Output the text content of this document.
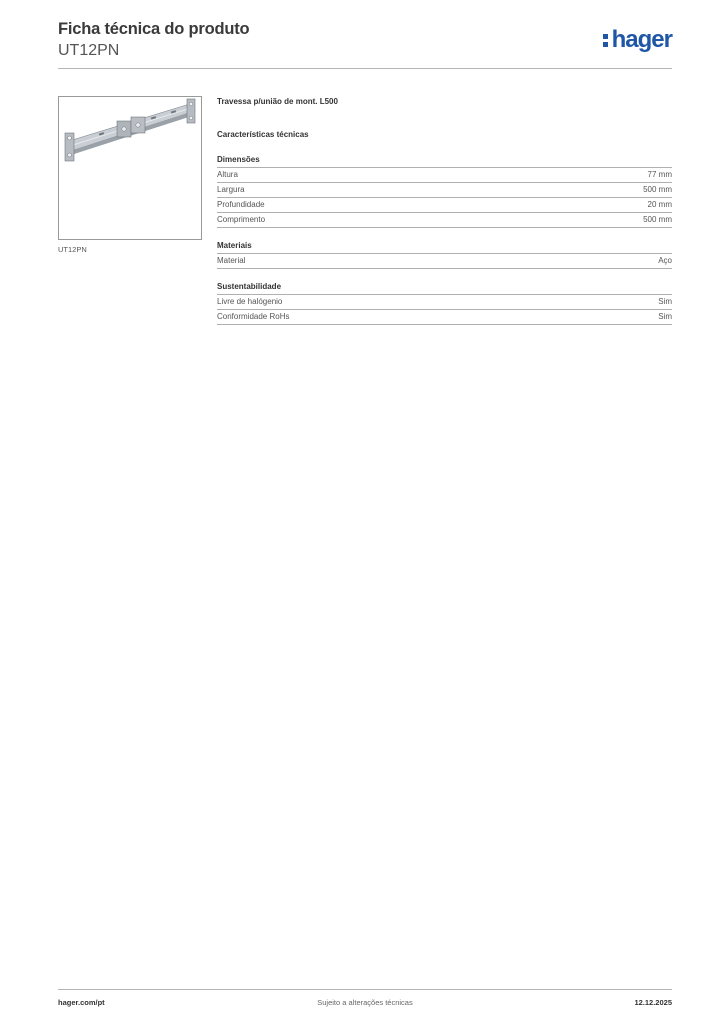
Ficha técnica do produto
UT12PN	hager
UT12PN
Travessa p/união de mont. L500
Características técnicas
Dimensões
Altura	77 mm
Largura	500 mm
Profundidade	20 mm
Comprimento	500 mm
Materiais
Material	Aço
Sustentabilidade
Livre de halógenio	Sim
Conformidade RoHs	Sim
hager.com/pt	Sujeito a alterações técnicas	12.12.2025
